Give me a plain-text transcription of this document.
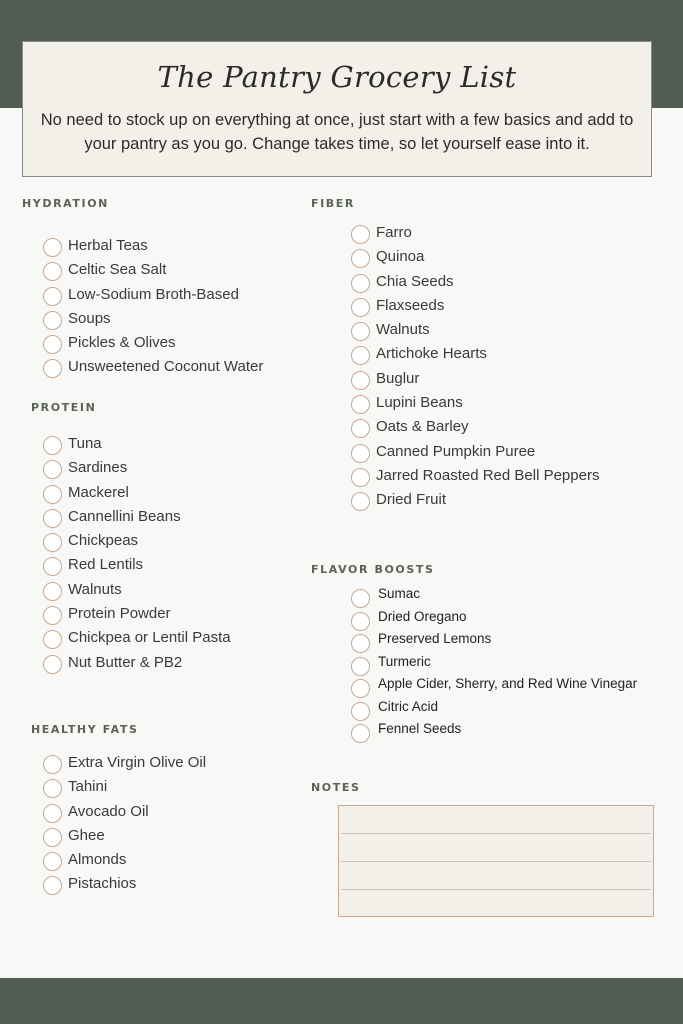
The Pantry Grocery List
No need to stock up on everything at once, just start with a few basics and add to your pantry as you go. Change takes time, so let yourself ease into it.
HYDRATION
Herbal Teas
Celtic Sea Salt
Low-Sodium Broth-Based
Soups
Pickles & Olives
Unsweetened Coconut Water
PROTEIN
Tuna
Sardines
Mackerel
Cannellini Beans
Chickpeas
Red Lentils
Walnuts
Protein Powder
Chickpea or Lentil Pasta
Nut Butter & PB2
HEALTHY FATS
Extra Virgin Olive Oil
Tahini
Avocado Oil
Ghee
Almonds
Pistachios
FIBER
Farro
Quinoa
Chia Seeds
Flaxseeds
Walnuts
Artichoke Hearts
Buglur
Lupini Beans
Oats & Barley
Canned Pumpkin Puree
Jarred Roasted Red Bell Peppers
Dried Fruit
FLAVOR BOOSTS
Sumac
Dried Oregano
Preserved Lemons
Turmeric
Apple Cider, Sherry, and Red Wine Vinegar
Citric Acid
Fennel Seeds
NOTES
